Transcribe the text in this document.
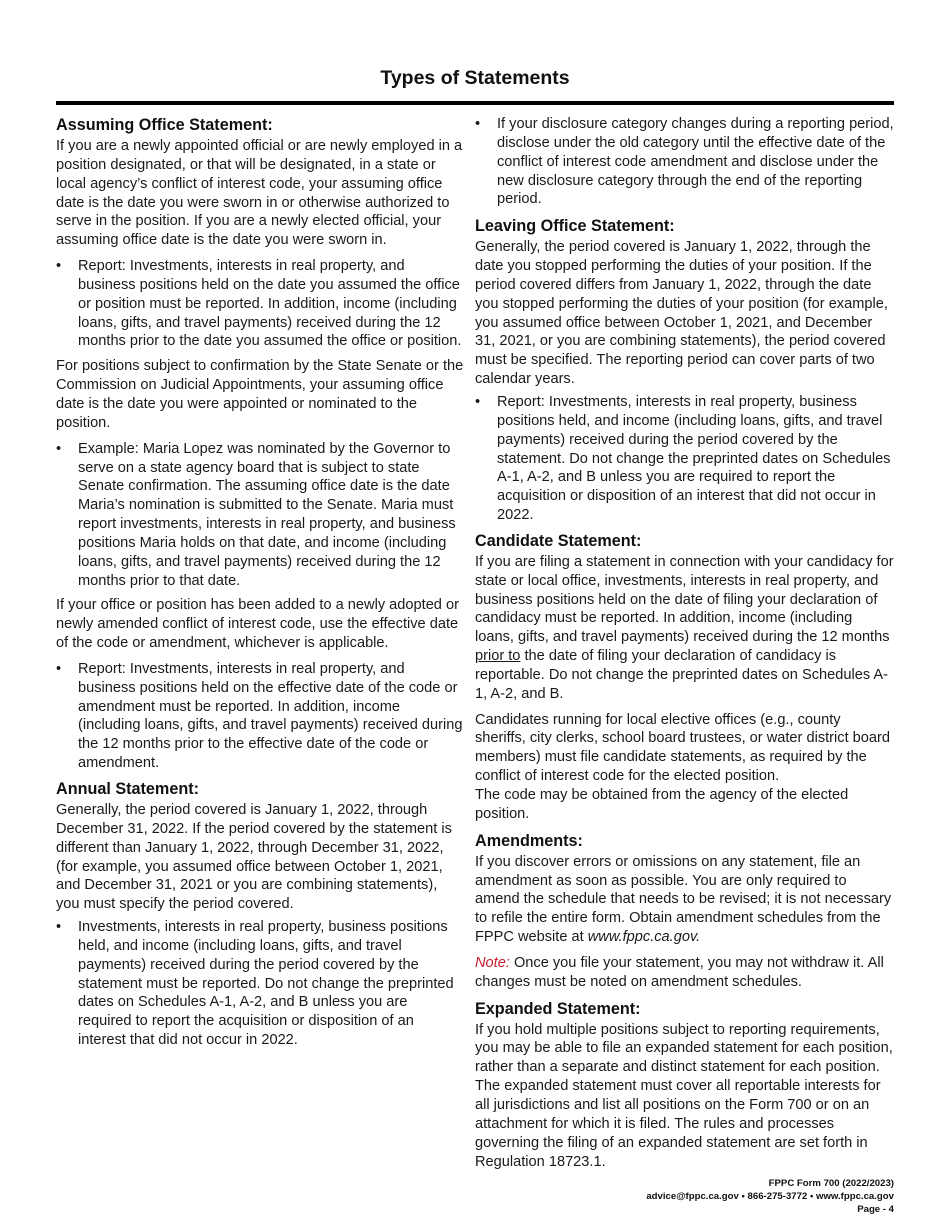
Types of Statements
Assuming Office Statement:

If you are a newly appointed official or are newly employed in a position designated, or that will be designated, in a state or local agency’s conflict of interest code, your assuming office date is the date you were sworn in or otherwise authorized to serve in the position. If you are a newly elected official, your assuming office date is the date you were sworn in.

• Report: Investments, interests in real property, and business positions held on the date you assumed the office or position must be reported. In addition, income (including loans, gifts, and travel payments) received during the 12 months prior to the date you assumed the office or position.

For positions subject to confirmation by the State Senate or the Commission on Judicial Appointments, your assuming office date is the date you were appointed or nominated to the position.

• Example: Maria Lopez was nominated by the Governor to serve on a state agency board that is subject to state Senate confirmation. The assuming office date is the date Maria’s nomination is submitted to the Senate. Maria must report investments, interests in real property, and business positions Maria holds on that date, and income (including loans, gifts, and travel payments) received during the 12 months prior to that date.

If your office or position has been added to a newly adopted or newly amended conflict of interest code, use the effective date of the code or amendment, whichever is applicable.

• Report: Investments, interests in real property, and business positions held on the effective date of the code or amendment must be reported. In addition, income (including loans, gifts, and travel payments) received during the 12 months prior to the effective date of the code or amendment.
Annual Statement:

Generally, the period covered is January 1, 2022, through December 31, 2022. If the period covered by the statement is different than January 1, 2022, through December 31, 2022, (for example, you assumed office between October 1, 2021, and December 31, 2021 or you are combining statements), you must specify the period covered.

• Investments, interests in real property, business positions held, and income (including loans, gifts, and travel payments) received during the period covered by the statement must be reported. Do not change the preprinted dates on Schedules A-1, A-2, and B unless you are required to report the acquisition or disposition of an interest that did not occur in 2022.
• If your disclosure category changes during a reporting period, disclose under the old category until the effective date of the conflict of interest code amendment and disclose under the new disclosure category through the end of the reporting period.
Leaving Office Statement:

Generally, the period covered is January 1, 2022, through the date you stopped performing the duties of your position. If the period covered differs from January 1, 2022, through the date you stopped performing the duties of your position (for example, you assumed office between October 1, 2021, and December 31, 2021, or you are combining statements), the period covered must be specified. The reporting period can cover parts of two calendar years.

• Report: Investments, interests in real property, business positions held, and income (including loans, gifts, and travel payments) received during the period covered by the statement. Do not change the preprinted dates on Schedules A-1, A-2, and B unless you are required to report the acquisition or disposition of an interest that did not occur in 2022.
Candidate Statement:

If you are filing a statement in connection with your candidacy for state or local office, investments, interests in real property, and business positions held on the date of filing your declaration of candidacy must be reported. In addition, income (including loans, gifts, and travel payments) received during the 12 months prior to the date of filing your declaration of candidacy is reportable. Do not change the preprinted dates on Schedules A-1, A-2, and B.

Candidates running for local elective offices (e.g., county sheriffs, city clerks, school board trustees, or water district board members) must file candidate statements, as required by the conflict of interest code for the elected position.

The code may be obtained from the agency of the elected position.

Amendments:

If you discover errors or omissions on any statement, file an amendment as soon as possible. You are only required to amend the schedule that needs to be revised; it is not necessary to refile the entire form. Obtain amendment schedules from the FPPC website at www.fppc.ca.gov.

Note: Once you file your statement, you may not withdraw it. All changes must be noted on amendment schedules.

Expanded Statement:

If you hold multiple positions subject to reporting requirements, you may be able to file an expanded statement for each position, rather than a separate and distinct statement for each position. The expanded statement must cover all reportable interests for all jurisdictions and list all positions on the Form 700 or on an attachment for which it is filed. The rules and processes governing the filing of an expanded statement are set forth in Regulation 18723.1.

FPPC Form 700 (2022/2023)
advice@fppc.ca.gov • 866-275-3772 • www.fppc.ca.gov
Page - 4
